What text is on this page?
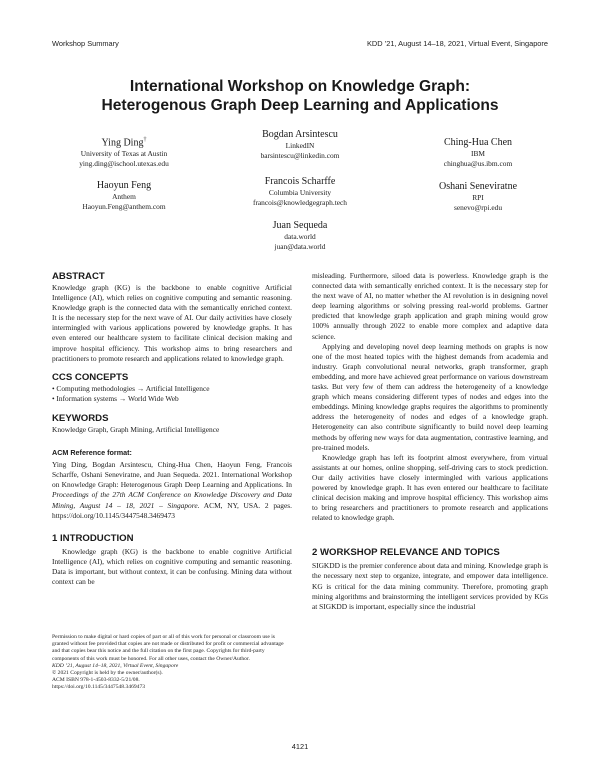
Workshop Summary	KDD ’21, August 14–18, 2021, Virtual Event, Singapore
International Workshop on Knowledge Graph:
Heterogenous Graph Deep Learning and Applications
Ying Ding†
University of Texas at Austin
ying.ding@ischool.utexas.edu
Bogdan Arsintescu
LinkedIN
barsintescu@linkedin.com
Ching-Hua Chen
IBM
chinghua@us.ibm.com
Haoyun Feng
Anthem
Haoyun.Feng@anthem.com
Francois Scharffe
Columbia University
francois@knowledgegraph.tech
Oshani Seneviratne
RPI
senevo@rpi.edu
Juan Sequeda
data.world
juan@data.world
ABSTRACT

Knowledge graph (KG) is the backbone to enable cognitive Artificial Intelligence (AI), which relies on cognitive computing and semantic reasoning. Knowledge graph is the connected data with the semantically enriched context. It is the necessary step for the next wave of AI. Our daily activities have closely intermingled with various applications powered by knowledge graphs. It has even entered our healthcare system to facilitate clinical decision making and improve hospital efficiency. This workshop aims to bring researchers and practitioners to promote research and applications related to knowledge graph.

CCS CONCEPTS

• Computing methodologies → Artificial Intelligence

• Information systems → World Wide Web

KEYWORDS

Knowledge Graph, Graph Mining, Artificial Intelligence

ACM Reference format:

Ying Ding, Bogdan Arsintescu, Ching-Hua Chen, Haoyun Feng, Francois Scharffe, Oshani Seneviratne, and Juan Sequeda. 2021. International Workshop on Knowledge Graph: Heterogenous Graph Deep Learning and Applications. In Proceedings of the 27th ACM Conference on Knowledge Discovery and Data Mining, August 14 – 18, 2021 – Singapore. ACM, NY, USA. 2 pages. https://doi.org/10.1145/3447548.3469473

1 INTRODUCTION

Knowledge graph (KG) is the backbone to enable cognitive Artificial Intelligence (AI), which relies on cognitive computing and semantic reasoning. Data is important, but without context, it can be confusing. Mining data without context can be

Permission to make digital or hard copies of part or all of this work for personal or classroom use is granted without fee provided that copies are not made or distributed for profit or commercial advantage and that copies bear this notice and the full citation on the first page. Copyrights for third-party components of this work must be honored. For all other uses, contact the Owner/Author.

KDD ’21, August 14–18, 2021, Virtual Event, Singapore

© 2021 Copyright is held by the owner/author(s).

ACM ISBN 978-1-4503-8332-5/21/08.

https://doi.org/10.1145/3447548.3469473

misleading. Furthermore, siloed data is powerless. Knowledge graph is the connected data with semantically enriched context. It is the necessary step for the next wave of AI, no matter whether the AI revolution is in designing novel deep learning algorithms or solving pressing real-world problems. Gartner predicted that knowledge graph application and graph mining would grow 100% annually through 2022 to enable more complex and adaptive data science.

Applying and developing novel deep learning methods on graphs is now one of the most heated topics with the highest demands from academia and industry. Graph convolutional neural networks, graph transformer, graph embedding, and more have achieved great performance on various downstream tasks. But very few of them can address the heterogeneity of a knowledge graph which means considering different types of nodes and edges into the embeddings. Mining knowledge graphs requires the algorithms to prominently address the heterogeneity of nodes and edges of a knowledge graph. Heterogeneity can also contribute significantly to build novel deep learning methods by offering new ways for data augmentation, contrastive learning, and pre-trained models.

Knowledge graph has left its footprint almost everywhere, from virtual assistants at our homes, online shopping, self-driving cars to stock prediction. Our daily activities have closely intermingled with various applications powered by knowledge graph. It has even entered our healthcare to facilitate clinical decision making and improve hospital efficiency. This workshop aims to bring researchers and practitioners to promote research and applications related to knowledge graph.

2 WORKSHOP RELEVANCE AND TOPICS

SIGKDD is the premier conference about data and mining. Knowledge graph is the necessary next step to organize, integrate, and empower data intelligence. KG is critical for the data mining community. Therefore, promoting graph mining algorithms and brainstorming the intelligent services provided by KGs at SIGKDD is important, especially since the industrial

4121
